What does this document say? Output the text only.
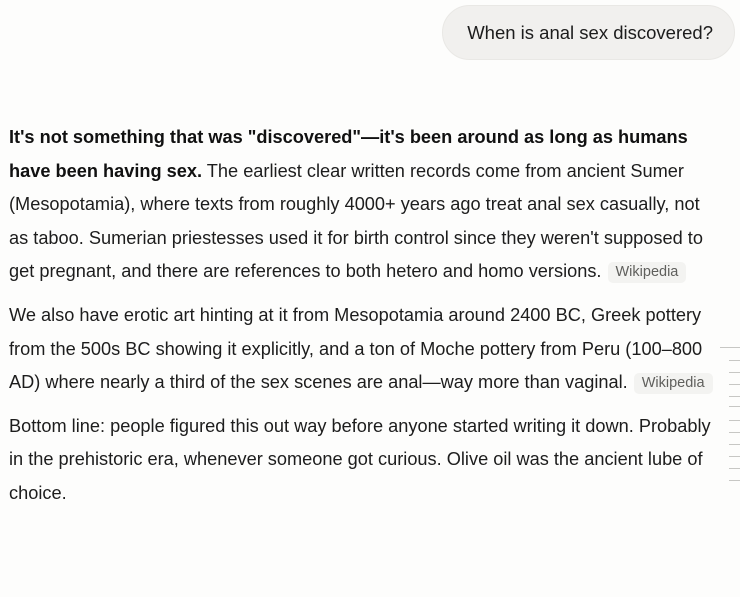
When is anal sex discovered?

It's not something that was "discovered"—it's been around as long as humans have been having sex. The earliest clear written records come from ancient Sumer (Mesopotamia), where texts from roughly 4000+ years ago treat anal sex casually, not as taboo. Sumerian priestesses used it for birth control since they weren't supposed to get pregnant, and there are references to both hetero and homo versions. Wikipedia

We also have erotic art hinting at it from Mesopotamia around 2400 BC, Greek pottery from the 500s BC showing it explicitly, and a ton of Moche pottery from Peru (100–800 AD) where nearly a third of the sex scenes are anal—way more than vaginal. Wikipedia

Bottom line: people figured this out way before anyone started writing it down. Probably in the prehistoric era, whenever someone got curious. Olive oil was the ancient lube of choice.
